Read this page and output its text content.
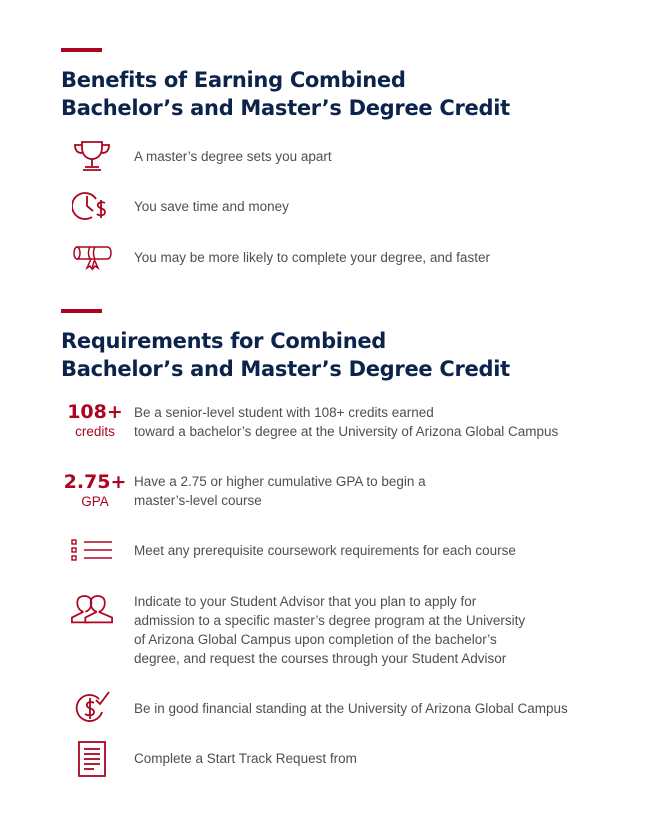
Benefits of Earning Combined
Bachelor’s and Master’s Degree Credit
A master’s degree sets you apart
You save time and money
You may be more likely to complete your degree, and faster
Requirements for Combined
Bachelor’s and Master’s Degree Credit
108+
credits
Be a senior-level student with 108+ credits earned
toward a bachelor’s degree at the University of Arizona Global Campus
2.75+
GPA
Have a 2.75 or higher cumulative GPA to begin a
master’s-level course
Meet any prerequisite coursework requirements for each course
Indicate to your Student Advisor that you plan to apply for
admission to a specific master’s degree program at the University
of Arizona Global Campus upon completion of the bachelor’s
degree, and request the courses through your Student Advisor
Be in good financial standing at the University of Arizona Global Campus
Complete a Start Track Request from
